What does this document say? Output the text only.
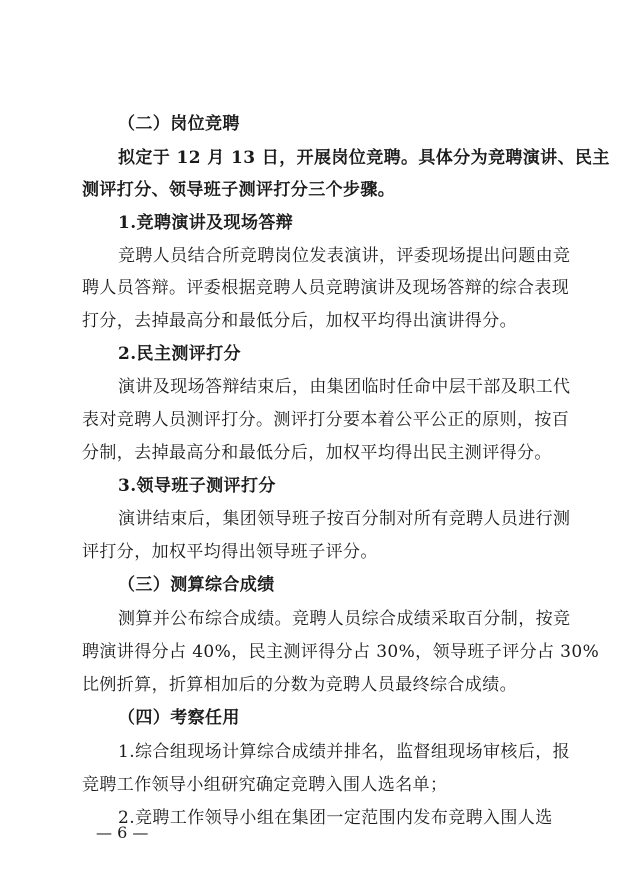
（二）岗位竞聘
拟定于 12 月 13 日，开展岗位竞聘。具体分为竞聘演讲、民主
测评打分、领导班子测评打分三个步骤。
1.竞聘演讲及现场答辩
竞聘人员结合所竞聘岗位发表演讲，评委现场提出问题由竞
聘人员答辩。评委根据竞聘人员竞聘演讲及现场答辩的综合表现
打分，去掉最高分和最低分后，加权平均得出演讲得分。
2.民主测评打分
演讲及现场答辩结束后，由集团临时任命中层干部及职工代
表对竞聘人员测评打分。测评打分要本着公平公正的原则，按百
分制，去掉最高分和最低分后，加权平均得出民主测评得分。
3.领导班子测评打分
演讲结束后，集团领导班子按百分制对所有竞聘人员进行测
评打分，加权平均得出领导班子评分。
（三）测算综合成绩
测算并公布综合成绩。竞聘人员综合成绩采取百分制，按竞
聘演讲得分占 40%，民主测评得分占 30%，领导班子评分占 30%
比例折算，折算相加后的分数为竞聘人员最终综合成绩。
（四）考察任用
1.综合组现场计算综合成绩并排名，监督组现场审核后，报
竞聘工作领导小组研究确定竞聘入围人选名单；
2.竞聘工作领导小组在集团一定范围内发布竞聘入围人选
— 6 —
